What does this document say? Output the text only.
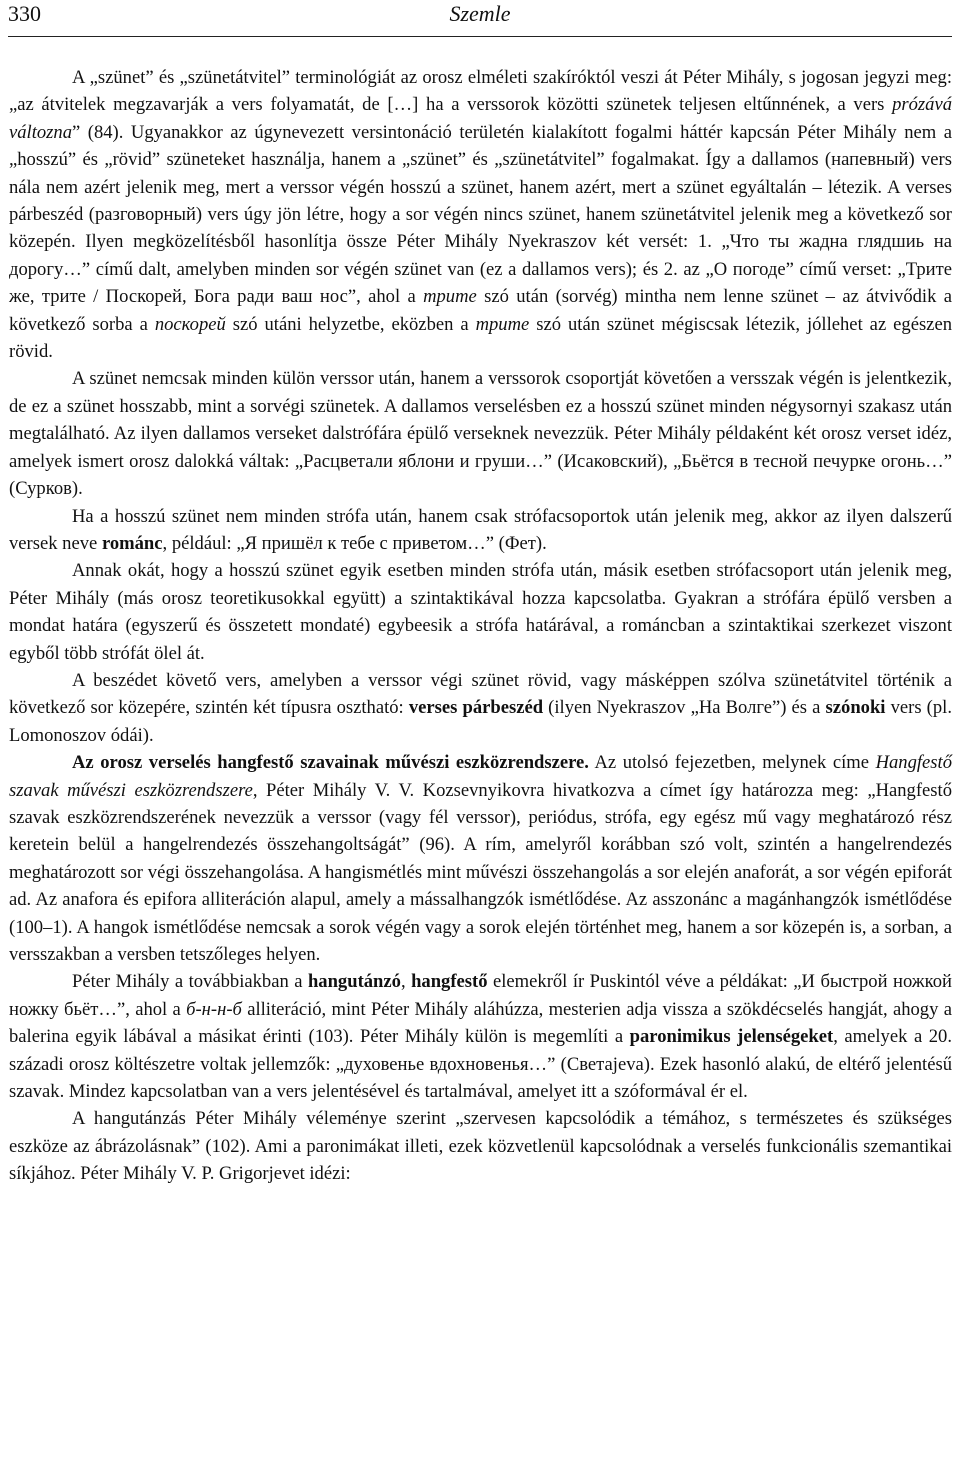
330	Szemle

A „szünet” és „szünetátvitel” terminológiát az orosz elméleti szakíróktól veszi át Péter Mihály, s jogosan jegyzi meg: „az átvitelek megzavarják a vers folyamatát, de […] ha a verssorok közötti szünetek teljesen eltűnnének, a vers prózává változna” (84). Ugyanakkor az úgynevezett versintonáció területén kialakított fogalmi háttér kapcsán Péter Mihály nem a „hosszú” és „rövid” szüneteket használja, hanem a „szünet” és „szünetátvitel” fogalmakat. Így a dallamos (напевный) vers nála nem azért jelenik meg, mert a verssor végén hosszú a szünet, hanem azért, mert a szünet egyáltalán – létezik. A verses párbeszéd (разговорный) vers úgy jön létre, hogy a sor végén nincs szünet, hanem szünetátvitel jelenik meg a következő sor közepén. Ilyen megközelítésből hasonlítja össze Péter Mihály Nyekraszov két versét: 1. „Что ты жадна глядшиь на дорогу…” című dalt, amelyben minden sor végén szünet van (ez a dallamos vers); és 2. az „О погоде” című verset: „Трите же, трите / Поскорей, Бога ради ваш нос”, ahol a трите szó után (sorvég) mintha nem lenne szünet – az átvivődik a következő sorba a поскорей szó utáni helyzetbe, eközben a трите szó után szünet mégiscsak létezik, jóllehet az egészen rövid.

A szünet nemcsak minden külön verssor után, hanem a verssorok csoportját követően a versszak végén is jelentkezik, de ez a szünet hosszabb, mint a sorvégi szünetek. A dallamos verselésben ez a hosszú szünet minden négysornyi szakasz után megtalálható. Az ilyen dallamos verseket dalstrófára épülő verseknek nevezzük. Péter Mihály példaként két orosz verset idéz, amelyek ismert orosz dalokká váltak: „Расцветали яблони и груши…” (Исаковский), „Бьётся в тесной печурке огонь…” (Сурков).

Ha a hosszú szünet nem minden strófa után, hanem csak strófacsoportok után jelenik meg, akkor az ilyen dalszerű versek neve románc, például: „Я пришёл к тебе с приветом…” (Фет).

Annak okát, hogy a hosszú szünet egyik esetben minden strófa után, másik esetben strófacsoport után jelenik meg, Péter Mihály (más orosz teoretikusokkal együtt) a szintaktikával hozza kapcsolatba. Gyakran a strófára épülő versben a mondat határa (egyszerű és összetett mondaté) egybeesik a strófa határával, a románcban a szintaktikai szerkezet viszont egyből több strófát ölel át.

A beszédet követő vers, amelyben a verssor végi szünet rövid, vagy másképpen szólva szünetátvitel történik a következő sor közepére, szintén két típusra osztható: verses párbeszéd (ilyen Nyekraszov „На Волге”) és a szónoki vers (pl. Lomonoszov ódái).

Az orosz verselés hangfestő szavainak művészi eszközrendszere. Az utolsó fejezetben, melynek címe Hangfestő szavak művészi eszközrendszere, Péter Mihály V. V. Kozsevnyikovra hivatkozva a címet így határozza meg: „Hangfestő szavak eszközrendszerének nevezzük a verssor (vagy fél verssor), periódus, strófa, egy egész mű vagy meghatározó rész keretein belül a hangelrendezés összehangoltságát” (96). A rím, amelyről korábban szó volt, szintén a hangelrendezés meghatározott sor végi összehangolása. A hangismétlés mint művészi összehangolás a sor elején anaforát, a sor végén epiforát ad. Az anafora és epifora alliteráción alapul, amely a mássalhangzók ismétlődése. Az asszonánc a magánhangzók ismétlődése (100–1). A hangok ismétlődése nemcsak a sorok végén vagy a sorok elején történhet meg, hanem a sor közepén is, a sorban, a versszakban a versben tetszőleges helyen.

Péter Mihály a továbbiakban a hangutánzó, hangfestő elemekről ír Puskintól véve a példákat: „И быстрой ножкой ножку бьёт…”, ahol a б-н-н-б alliteráció, mint Péter Mihály aláhúzza, mesterien adja vissza a szökdécselés hangját, ahogy a balerina egyik lábával a másikat érinti (103). Péter Mihály külön is megemlíti a paronimikus jelenségeket, amelyek a 20. századi orosz költészetre voltak jellemzők: „духовенье вдохновенья…” (Светаjeva). Ezek hasonló alakú, de eltérő jelentésű szavak. Mindez kapcsolatban van a vers jelentésével és tartalmával, amelyet itt a szóformával ér el.

A hangutánzás Péter Mihály véleménye szerint „szervesen kapcsolódik a témához, s természetes és szükséges eszköze az ábrázolásnak” (102). Ami a paronimákat illeti, ezek közvetlenül kapcsolódnak a verselés funkcionális szemantikai síkjához. Péter Mihály V. P. Grigorjevet idézi:
